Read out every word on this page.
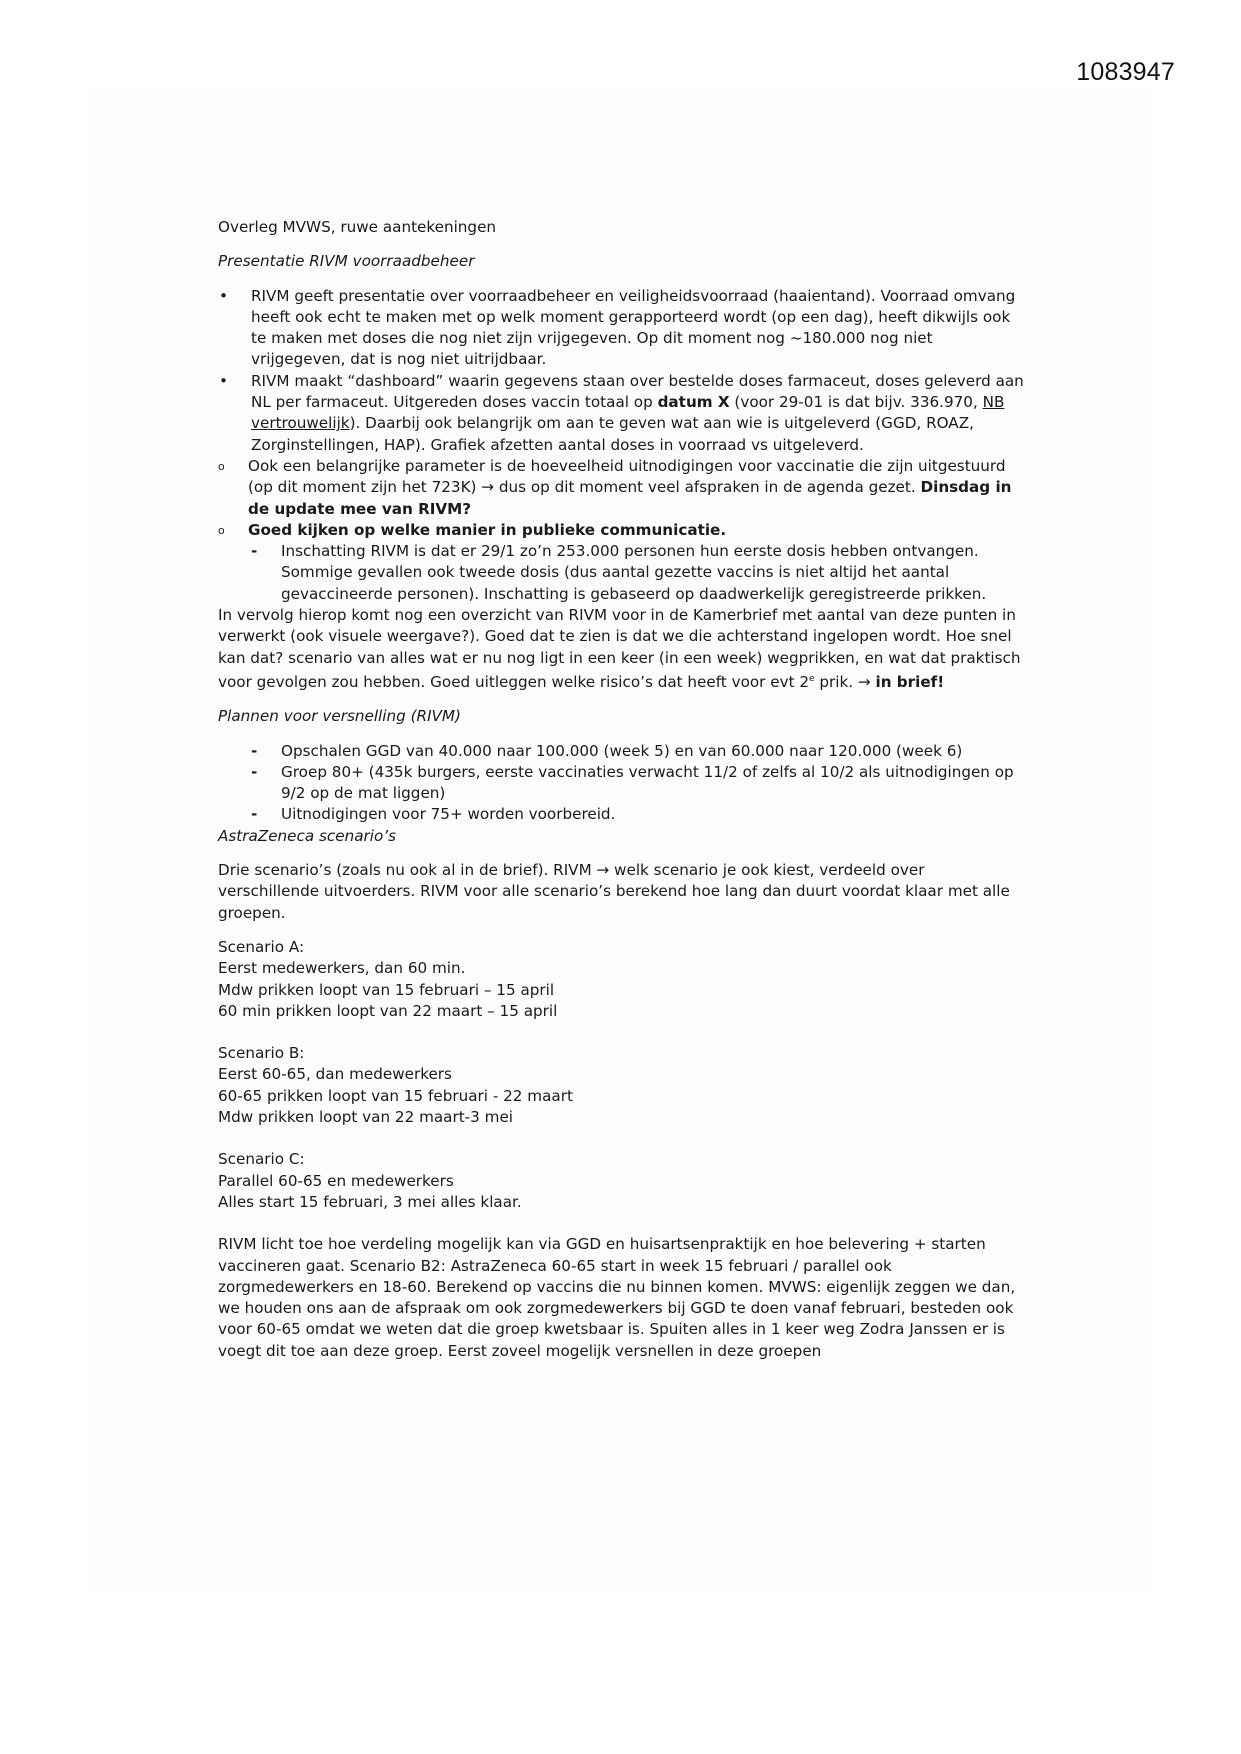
1083947

Overleg MVWS, ruwe aantekeningen

Presentatie RIVM voorraadbeheer

• RIVM geeft presentatie over voorraadbeheer en veiligheidsvoorraad (haaientand). Voorraad omvang heeft ook echt te maken met op welk moment gerapporteerd wordt (op een dag), heeft dikwijls ook te maken met doses die nog niet zijn vrijgegeven. Op dit moment nog ~180.000 nog niet vrijgegeven, dat is nog niet uitrijdbaar.
• RIVM maakt “dashboard” waarin gegevens staan over bestelde doses farmaceut, doses geleverd aan NL per farmaceut. Uitgereden doses vaccin totaal op datum X (voor 29-01 is dat bijv. 336.970, NB vertrouwelijk). Daarbij ook belangrijk om aan te geven wat aan wie is uitgeleverd (GGD, ROAZ, Zorginstellingen, HAP). Grafiek afzetten aantal doses in voorraad vs uitgeleverd.
o Ook een belangrijke parameter is de hoeveelheid uitnodigingen voor vaccinatie die zijn uitgestuurd (op dit moment zijn het 723K) → dus op dit moment veel afspraken in de agenda gezet. Dinsdag in de update mee van RIVM?
o Goed kijken op welke manier in publieke communicatie.
- Inschatting RIVM is dat er 29/1 zo’n 253.000 personen hun eerste dosis hebben ontvangen. Sommige gevallen ook tweede dosis (dus aantal gezette vaccins is niet altijd het aantal gevaccineerde personen). Inschatting is gebaseerd op daadwerkelijk geregistreerde prikken.

In vervolg hierop komt nog een overzicht van RIVM voor in de Kamerbrief met aantal van deze punten in verwerkt (ook visuele weergave?). Goed dat te zien is dat we die achterstand ingelopen wordt. Hoe snel kan dat? scenario van alles wat er nu nog ligt in een keer (in een week) wegprikken, en wat dat praktisch voor gevolgen zou hebben. Goed uitleggen welke risico’s dat heeft voor evt 2e prik. → in brief!

Plannen voor versnelling (RIVM)

- Opschalen GGD van 40.000 naar 100.000 (week 5) en van 60.000 naar 120.000 (week 6)
- Groep 80+ (435k burgers, eerste vaccinaties verwacht 11/2 of zelfs al 10/2 als uitnodigingen op 9/2 op de mat liggen)
- Uitnodigingen voor 75+ worden voorbereid.

AstraZeneca scenario’s

Drie scenario’s (zoals nu ook al in de brief). RIVM → welk scenario je ook kiest, verdeeld over verschillende uitvoerders. RIVM voor alle scenario’s berekend hoe lang dan duurt voordat klaar met alle groepen.

Scenario A:

Eerst medewerkers, dan 60 min.

Mdw prikken loopt van 15 februari – 15 april

60 min prikken loopt van 22 maart – 15 april

Scenario B:

Eerst 60-65, dan medewerkers

60-65 prikken loopt van 15 februari - 22 maart

Mdw prikken loopt van 22 maart-3 mei

Scenario C:

Parallel 60-65 en medewerkers

Alles start 15 februari, 3 mei alles klaar.

RIVM licht toe hoe verdeling mogelijk kan via GGD en huisartsenpraktijk en hoe belevering + starten vaccineren gaat. Scenario B2: AstraZeneca 60-65 start in week 15 februari / parallel ook zorgmedewerkers en 18-60. Berekend op vaccins die nu binnen komen. MVWS: eigenlijk zeggen we dan, we houden ons aan de afspraak om ook zorgmedewerkers bij GGD te doen vanaf februari, besteden ook voor 60-65 omdat we weten dat die groep kwetsbaar is. Spuiten alles in 1 keer weg Zodra Janssen er is voegt dit toe aan deze groep. Eerst zoveel mogelijk versnellen in deze groepen
